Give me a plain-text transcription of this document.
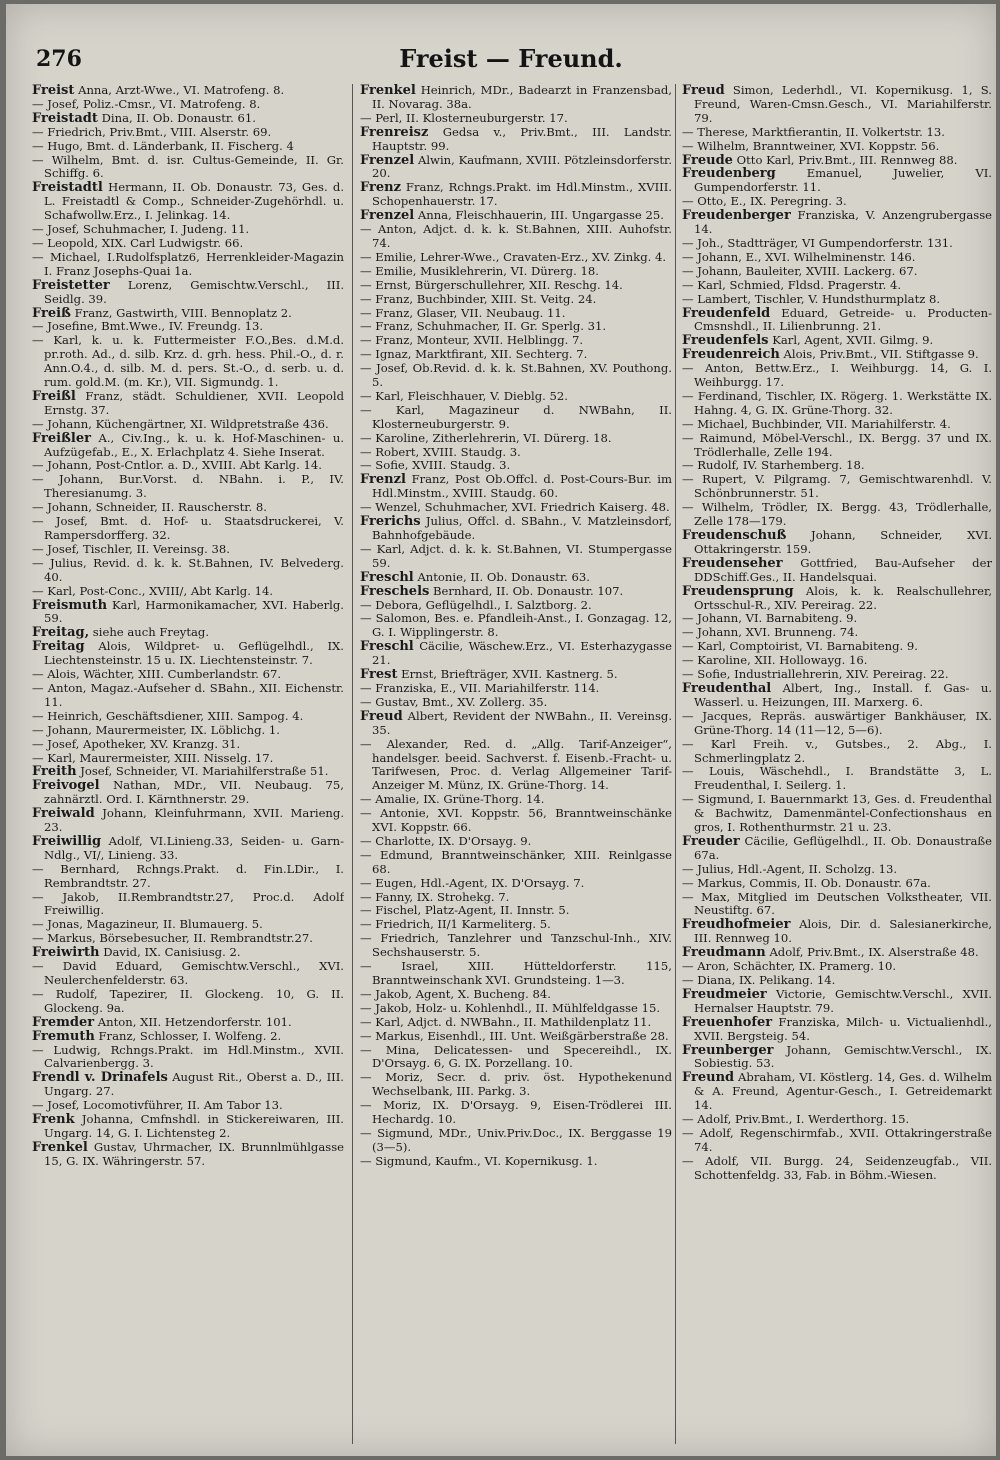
276	Freist — Freund.

Freist Anna, Arzt-Wwe., VI. Matrofeng. 8.

— Josef, Poliz.-Cmsr., VI. Matrofeng. 8.

Freistadt Dina, II. Ob. Donaustr. 61.

— Friedrich, Priv.Bmt., VIII. Alserstr. 69.

— Hugo, Bmt. d. Länderbank, II. Fischerg. 4

— Wilhelm, Bmt. d. isr. Cultus-Gemeinde, II. Gr. Schiffg. 6.

Freistadtl Hermann, II. Ob. Donaustr. 73, Ges. d. L. Freistadtl & Comp., Schneider-Zugehörhdl. u. Schafwollw.Erz., I. Jelinkag. 14.

— Josef, Schuhmacher, I. Judeng. 11.

— Leopold, XIX. Carl Ludwigstr. 66.

— Michael, I.Rudolfsplatz6, Herrenkleider-Magazin I. Franz Josephs-Quai 1a.

Freistetter Lorenz, Gemischtw.Verschl., III. Seidlg. 39.

Freiß Franz, Gastwirth, VIII. Bennoplatz 2.

— Josefine, Bmt.Wwe., IV. Freundg. 13.

— Karl, k. u. k. Futtermeister F.O.,Bes. d.M.d. pr.roth. Ad., d. silb. Krz. d. grh. hess. Phil.-O., d. r. Ann.O.4., d. silb. M. d. pers. St.-O., d. serb. u. d. rum. gold.M. (m. Kr.), VII. Sigmundg. 1.

Freißl Franz, städt. Schuldiener, XVII. Leopold Ernstg. 37.

— Johann, Küchengärtner, XI. Wildpretstraße 436.

Freißler A., Civ.Ing., k. u. k. Hof-Maschinen- u. Aufzügefab., E., X. Erlachplatz 4. Siehe Inserat.

— Johann, Post-Cntlor. a. D., XVIII. Abt Karlg. 14.

— Johann, Bur.Vorst. d. NBahn. i. P., IV. Theresianumg. 3.

— Johann, Schneider, II. Rauscherstr. 8.

— Josef, Bmt. d. Hof- u. Staatsdruckerei, V. Rampersdorfferg. 32.

— Josef, Tischler, II. Vereinsg. 38.

— Julius, Revid. d. k. k. St.Bahnen, IV. Belvederg. 40.

— Karl, Post-Conc., XVIII/, Abt Karlg. 14.

Freismuth Karl, Harmonikamacher, XVI. Haberlg. 59.

Freitag, siehe auch Freytag.

Freitag Alois, Wildpret- u. Geflügelhdl., IX. Liechtensteinstr. 15 u. IX. Liechtensteinstr. 7.

— Alois, Wächter, XIII. Cumberlandstr. 67.

— Anton, Magaz.-Aufseher d. SBahn., XII. Eichenstr. 11.

— Heinrich, Geschäftsdiener, XIII. Sampog. 4.

— Johann, Maurermeister, IX. Löblichg. 1.

— Josef, Apotheker, XV. Kranzg. 31.

— Karl, Maurermeister, XIII. Nisselg. 17.

Freith Josef, Schneider, VI. Mariahilferstraße 51.

Freivogel Nathan, MDr., VII. Neubaug. 75, zahnärztl. Ord. I. Kärnthnerstr. 29.

Freiwald Johann, Kleinfuhrmann, XVII. Marieng. 23.

Freiwillig Adolf, VI.Linieng.33, Seiden- u. Garn-Ndlg., VI/, Linieng. 33.

— Bernhard, Rchngs.Prakt. d. Fin.LDir., I. Rembrandtstr. 27.

— Jakob, II.Rembrandtstr.27, Proc.d. Adolf Freiwillig.

— Jonas, Magazineur, II. Blumauerg. 5.

— Markus, Börsebesucher, II. Rembrandtstr.27.

Freiwirth David, IX. Canisiusg. 2.

— David Eduard, Gemischtw.Verschl., XVI. Neulerchenfelderstr. 63.

— Rudolf, Tapezirer, II. Glockeng. 10, G. II. Glockeng. 9a.

Fremder Anton, XII. Hetzendorferstr. 101.

Fremuth Franz, Schlosser, I. Wolfeng. 2.

— Ludwig, Rchngs.Prakt. im Hdl.Minstm., XVII. Calvarienbergg. 3.

Frendl v. Drinafels August Rit., Oberst a. D., III. Ungarg. 27.

— Josef, Locomotivführer, II. Am Tabor 13.

Frenk Johanna, Cmfnshdl. in Stickereiwaren, III. Ungarg. 14, G. I. Lichtensteg 2.

Frenkel Gustav, Uhrmacher, IX. Brunnlmühlgasse 15, G. IX. Währingerstr. 57.

Frenkel Heinrich, MDr., Badearzt in Franzensbad, II. Novarag. 38a.

— Perl, II. Klosterneuburgerstr. 17.

Frenreisz Gedsa v., Priv.Bmt., III. Landstr. Hauptstr. 99.

Frenzel Alwin, Kaufmann, XVIII. Pötzleinsdorferstr. 20.

Frenz Franz, Rchngs.Prakt. im Hdl.Minstm., XVIII. Schopenhauerstr. 17.

Frenzel Anna, Fleischhauerin, III. Ungargasse 25.

— Anton, Adjct. d. k. k. St.Bahnen, XIII. Auhofstr. 74.

— Emilie, Lehrer-Wwe., Cravaten-Erz., XV. Zinkg. 4.

— Emilie, Musiklehrerin, VI. Dürerg. 18.

— Ernst, Bürgerschullehrer, XII. Reschg. 14.

— Franz, Buchbinder, XIII. St. Veitg. 24.

— Franz, Glaser, VII. Neubaug. 11.

— Franz, Schuhmacher, II. Gr. Sperlg. 31.

— Franz, Monteur, XVII. Helblingg. 7.

— Ignaz, Marktfirant, XII. Sechterg. 7.

— Josef, Ob.Revid. d. k. k. St.Bahnen, XV. Pouthong. 5.

— Karl, Fleischhauer, V. Dieblg. 52.

— Karl, Magazineur d. NWBahn, II. Klosterneuburgerstr. 9.

— Karoline, Zitherlehrerin, VI. Dürerg. 18.

— Robert, XVIII. Staudg. 3.

— Sofie, XVIII. Staudg. 3.

Frenzl Franz, Post Ob.Offcl. d. Post-Cours-Bur. im Hdl.Minstm., XVIII. Staudg. 60.

— Wenzel, Schuhmacher, XVI. Friedrich Kaiserg. 48.

Frerichs Julius, Offcl. d. SBahn., V. Matzleinsdorf, Bahnhofgebäude.

— Karl, Adjct. d. k. k. St.Bahnen, VI. Stumpergasse 59.

Freschl Antonie, II. Ob. Donaustr. 63.

Freschels Bernhard, II. Ob. Donaustr. 107.

— Debora, Geflügelhdl., I. Salztborg. 2.

— Salomon, Bes. e. Pfandleih-Anst., I. Gonzagag. 12, G. I. Wipplingerstr. 8.

Freschl Cäcilie, Wäschew.Erz., VI. Esterhazygasse 21.

Frest Ernst, Briefträger, XVII. Kastnerg. 5.

— Franziska, E., VII. Mariahilferstr. 114.

— Gustav, Bmt., XV. Zollerg. 35.

Freud Albert, Revident der NWBahn., II. Vereinsg. 35.

— Alexander, Red. d. „Allg. Tarif-Anzeiger“, handelsger. beeid. Sachverst. f. Eisenb.-Fracht- u. Tarifwesen, Proc. d. Verlag Allgemeiner Tarif-Anzeiger M. Münz, IX. Grüne-Thorg. 14.

— Amalie, IX. Grüne-Thorg. 14.

— Antonie, XVI. Koppstr. 56, Branntweinschänke XVI. Koppstr. 66.

— Charlotte, IX. D'Orsayg. 9.

— Edmund, Branntweinschänker, XIII. Reinlgasse 68.

— Eugen, Hdl.-Agent, IX. D'Orsayg. 7.

— Fanny, IX. Strohekg. 7.

— Fischel, Platz-Agent, II. Innstr. 5.

— Friedrich, II/1 Karmeliterg. 5.

— Friedrich, Tanzlehrer und Tanzschul-Inh., XIV. Sechshauserstr. 5.

— Israel, XIII. Hütteldorferstr. 115, Branntweinschank XVI. Grundsteing. 1—3.

— Jakob, Agent, X. Bucheng. 84.

— Jakob, Holz- u. Kohlenhdl., II. Mühlfeldgasse 15.

— Karl, Adjct. d. NWBahn., II. Mathildenplatz 11.

— Markus, Eisenhdl., III. Unt. Weißgärberstraße 28.

— Mina, Delicatessen- und Specereihdl., IX. D'Orsayg. 6, G. IX. Porzellang. 10.

— Moriz, Secr. d. priv. öst. Hypothekenund Wechselbank, III. Parkg. 3.

— Moriz, IX. D'Orsayg. 9, Eisen-Trödlerei III. Hechardg. 10.

— Sigmund, MDr., Univ.Priv.Doc., IX. Berggasse 19 (3—5).

— Sigmund, Kaufm., VI. Kopernikusg. 1.

Freud Simon, Lederhdl., VI. Kopernikusg. 1, S. Freund, Waren-Cmsn.Gesch., VI. Mariahilferstr. 79.

— Therese, Marktfierantin, II. Volkertstr. 13.

— Wilhelm, Branntweiner, XVI. Koppstr. 56.

Freude Otto Karl, Priv.Bmt., III. Rennweg 88.

Freudenberg	Emanuel, Juwelier, VI. Gumpendorferstr. 11.

— Otto, E., IX. Peregring. 3.

Freudenberger Franziska, V. Anzengrubergasse 14.

— Joh., Stadtträger, VI Gumpendorferstr. 131.

— Johann, E., XVI. Wilhelminenstr. 146.

— Johann, Bauleiter, XVIII. Lackerg. 67.

— Karl, Schmied, Fldsd. Pragerstr. 4.

— Lambert, Tischler, V. Hundsthurmplatz 8.

Freudenfeld Eduard, Getreide- u. Producten-Cmsnshdl., II. Lilienbrunng. 21.

Freudenfels Karl, Agent, XVII. Gilmg. 9.

Freudenreich Alois, Priv.Bmt., VII. Stiftgasse 9.

— Anton, Bettw.Erz., I. Weihburgg. 14, G. I. Weihburgg. 17.

— Ferdinand, Tischler, IX. Rögerg. 1. Werkstätte IX. Hahng. 4, G. IX. Grüne-Thorg. 32.

— Michael, Buchbinder, VII. Mariahilferstr. 4.

— Raimund, Möbel-Verschl., IX. Bergg. 37 und IX. Trödlerhalle, Zelle 194.

— Rudolf, IV. Starhemberg. 18.

— Rupert, V. Pilgramg. 7, Gemischtwarenhdl. V. Schönbrunnerstr. 51.

— Wilhelm, Trödler, IX. Bergg. 43, Trödlerhalle, Zelle 178—179.

Freudenschuß Johann, Schneider, XVI. Ottakringerstr. 159.

Freudenseher Gottfried, Bau-Aufseher der DDSchiff.Ges., II. Handelsquai.

Freudensprung Alois, k. k. Realschullehrer, Ortsschul-R., XIV. Pereirag. 22.

— Johann, VI. Barnabiteng. 9.

— Johann, XVI. Brunneng. 74.

— Karl, Comptoirist, VI. Barnabiteng. 9.

— Karoline, XII. Hollowayg. 16.

— Sofie, Industriallehrerin, XIV. Pereirag. 22.

Freudenthal Albert, Ing., Install. f. Gas- u. Wasserl. u. Heizungen, III. Marxerg. 6.

— Jacques, Repräs. auswärtiger Bankhäuser, IX. Grüne-Thorg. 14 (11—12, 5—6).

— Karl Freih. v., Gutsbes., 2. Abg., I. Schmerlingplatz 2.

— Louis, Wäschehdl., I. Brandstätte 3, L. Freudenthal, I. Seilerg. 1.

— Sigmund, I. Bauernmarkt 13, Ges. d. Freudenthal & Bachwitz, Damenmäntel-Confectionshaus en gros, I. Rothenthurmstr. 21 u. 23.

Freuder Cäcilie, Geflügelhdl., II. Ob. Donaustraße 67a.

— Julius, Hdl.-Agent, II. Scholzg. 13.

— Markus, Commis, II. Ob. Donaustr. 67a.

— Max, Mitglied im Deutschen Volkstheater, VII. Neustiftg. 67.

Freudhofmeier Alois, Dir. d. Salesianerkirche, III. Rennweg 10.

Freudmann Adolf, Priv.Bmt., IX. Alserstraße 48.

— Aron, Schächter, IX. Pramerg. 10.

— Diana, IX. Pelikang. 14.

Freudmeier Victorie, Gemischtw.Verschl., XVII. Hernalser Hauptstr. 79.

Freuenhofer Franziska, Milch- u. Victualienhdl., XVII. Bergsteig. 54.

Freunberger Johann, Gemischtw.Verschl., IX. Sobiestig. 53.

Freund Abraham, VI. Köstlerg. 14, Ges. d. Wilhelm & A. Freund, Agentur-Gesch., I. Getreidemarkt 14.

— Adolf, Priv.Bmt., I. Werderthorg. 15.

— Adolf, Regenschirmfab., XVII. Ottakringerstraße 74.

— Adolf, VII. Burgg. 24, Seidenzeugfab., VII. Schottenfeldg. 33, Fab. in Böhm.-Wiesen.
